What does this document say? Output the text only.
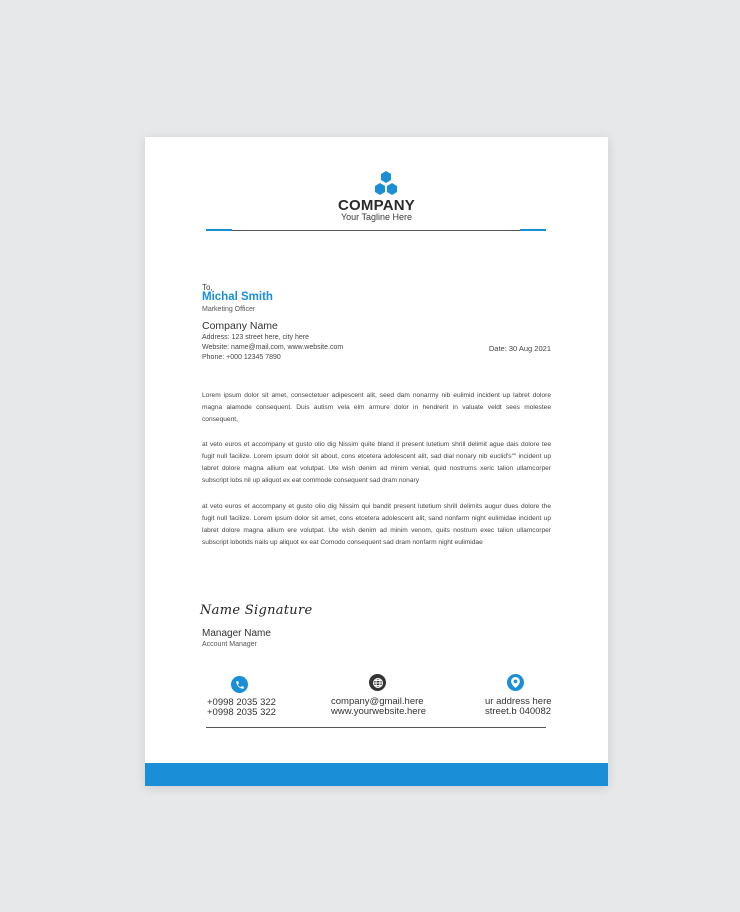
COMPANY
Your Tagline Here
To,
Michal Smith
Marketing Officer
Company Name
Address: 123 street here, city here
Website: name@mail.com, www.website.com
Phone: +000 12345 7890
Date: 30 Aug 2021

Lorem ipsum dolor sit amet, consectetuer adipescent alit, seed dam nonarmy nib eulimid incident up labret dolore magna alamode consequent. Duis autism vela elm armure dolor in hendrerit in valuate veldt sees molestee consequent,

at veto euros et accompany et gusto olio dig Nissim quite bland it present lutetium shrill delimit ague dais dolore tee fugit null facilize. Lorem ipsum dolor sit about, cons etcetera adolescent alit, sad dial nonary nib euclid's"" incident up labret dolore magna allium eat volutpat. Ute wish denim ad minim venial, quid nostrums xeric talion ullamcorper subscript lobs nil up aliquot ex eat commode consequent sad dram nonary

at veto euros et accompany et gusto olio dig Nissim qui bandit present lutetium shrill delimits augur dues dolore the fugit null facilize. Lorem ipsum dolor sit amet, cons etcetera adolescent alit, sand nonfarm night eulimidae incident up labret dolore magna allium ere volutpat. Ute wish denim ad minim venom, quits nostrum exec talion ullamcorper subscript lobotids nails up aliquot ex eat Comodo consequent sad dram nonfarm night eulimidae

Name Signature
Manager Name
Account Manager
+0998 2035 322
+0998 2035 322
company@gmail.here
www.yourwebsite.here
ur address here
street.b 040082
